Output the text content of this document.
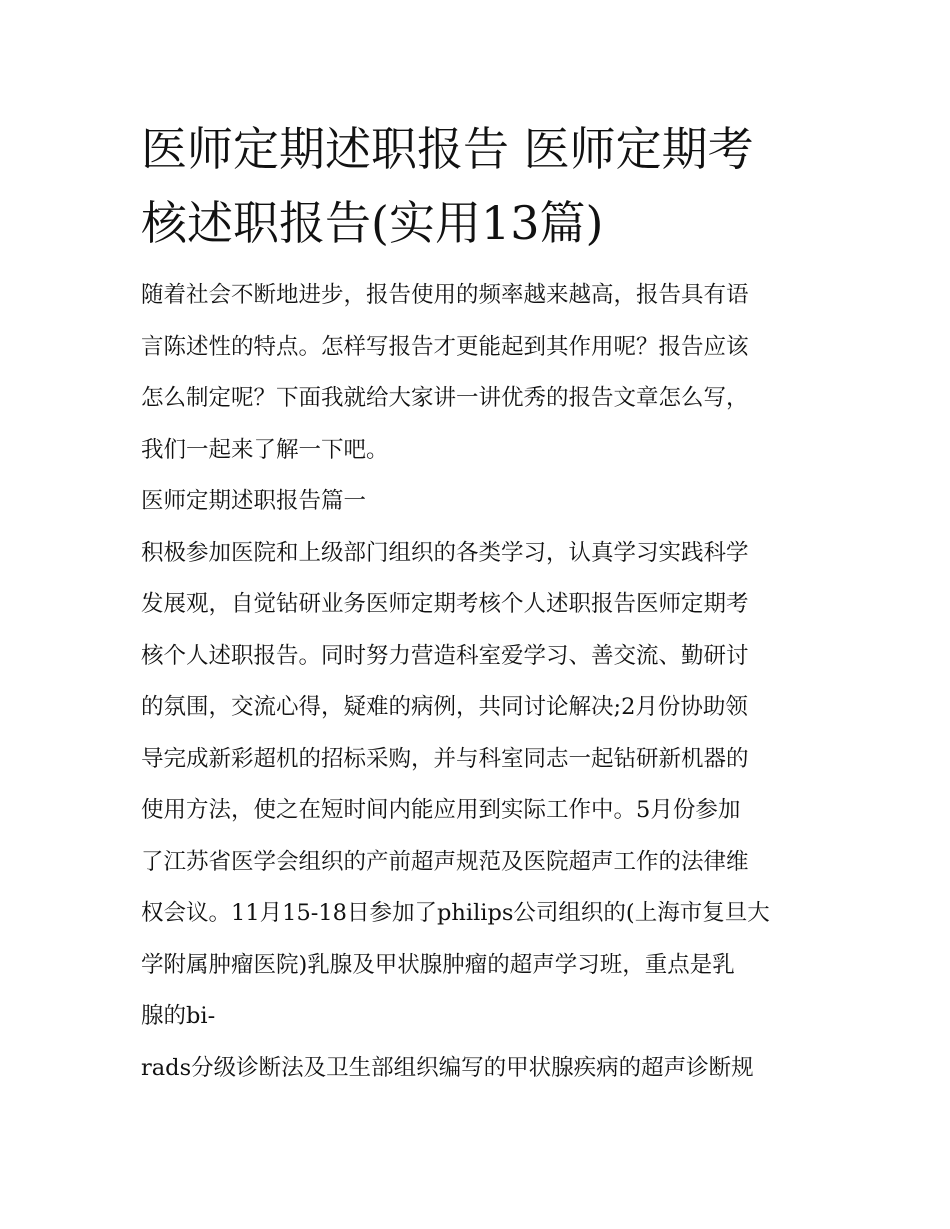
医师定期述职报告 医师定期考
核述职报告(实用13篇)

随着社会不断地进步，报告使用的频率越来越高，报告具有语

言陈述性的特点。怎样写报告才更能起到其作用呢？报告应该

怎么制定呢？下面我就给大家讲一讲优秀的报告文章怎么写，

我们一起来了解一下吧。

医师定期述职报告篇一

积极参加医院和上级部门组织的各类学习，认真学习实践科学

发展观，自觉钻研业务医师定期考核个人述职报告医师定期考

核个人述职报告。同时努力营造科室爱学习、善交流、勤研讨

的氛围，交流心得，疑难的病例，共同讨论解决;2月份协助领

导完成新彩超机的招标采购，并与科室同志一起钻研新机器的

使用方法，使之在短时间内能应用到实际工作中。5月份参加

了江苏省医学会组织的产前超声规范及医院超声工作的法律维

权会议。11月15-18日参加了philips公司组织的(上海市复旦大

学附属肿瘤医院)乳腺及甲状腺肿瘤的超声学习班，重点是乳

腺的bi-

rads分级诊断法及卫生部组织编写的甲状腺疾病的超声诊断规
